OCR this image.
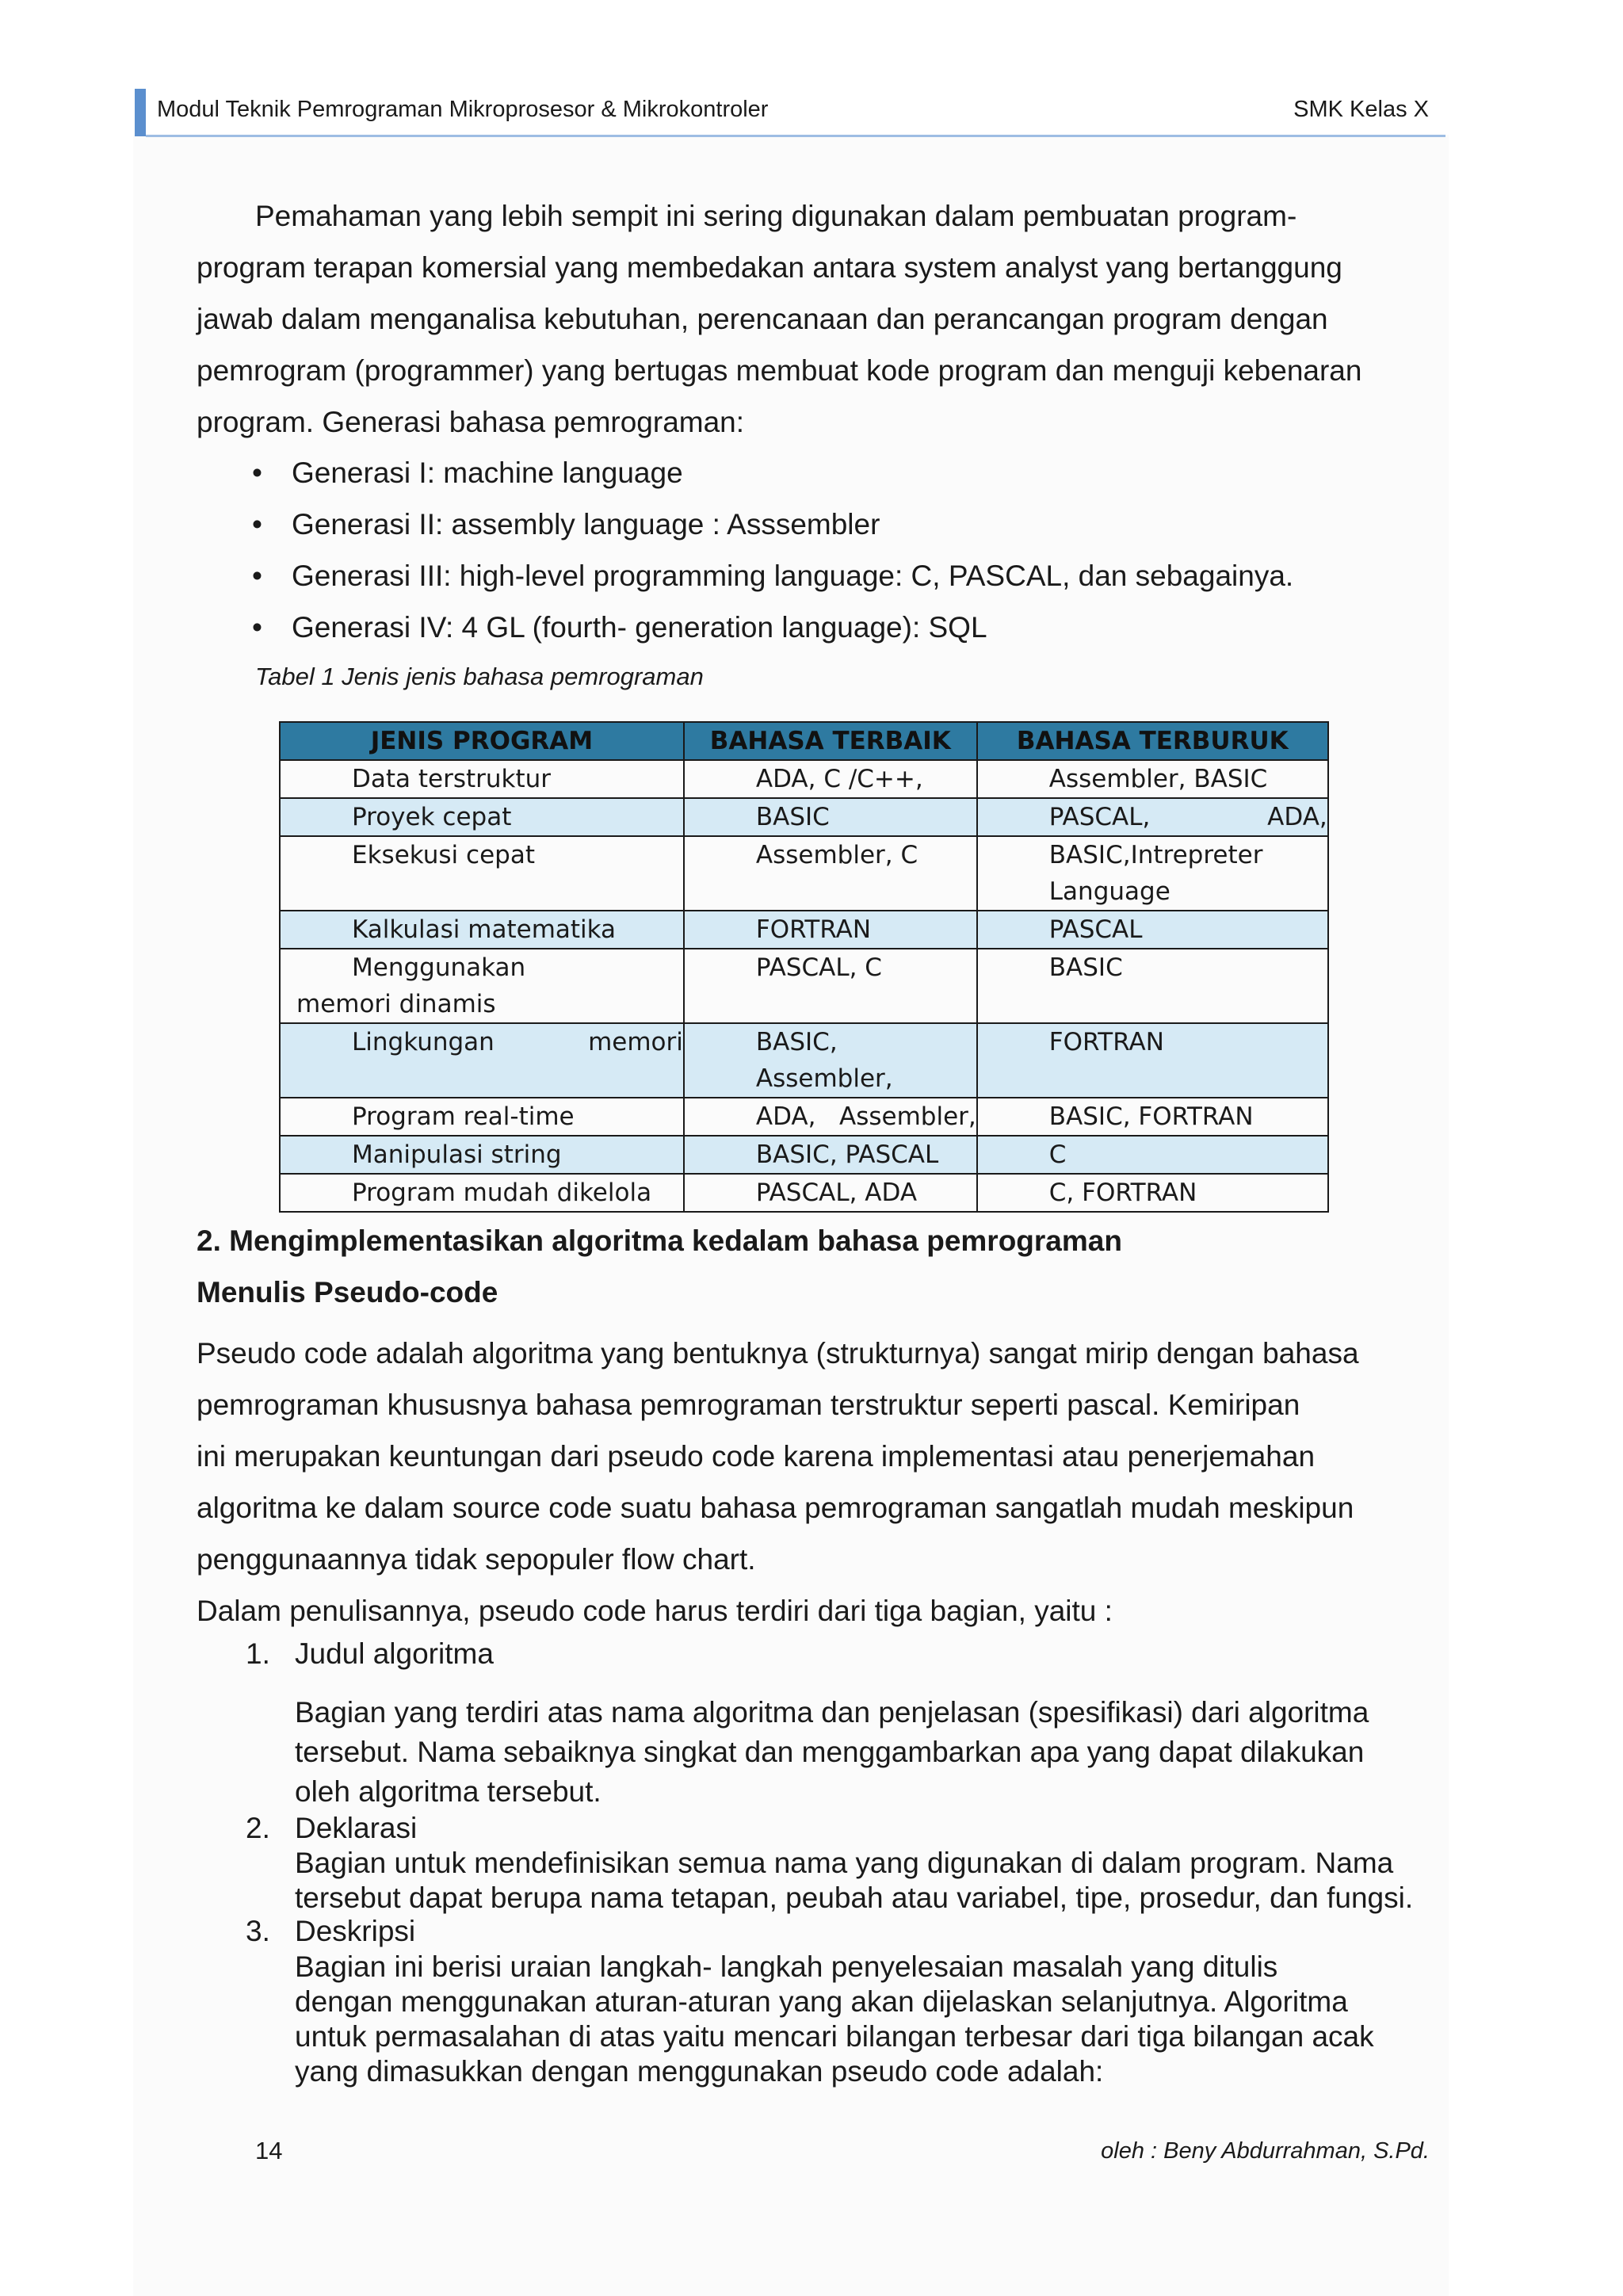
Modul Teknik Pemrograman Mikroprosesor & Mikrokontroler	SMK Kelas X
Pemahaman yang lebih sempit ini sering digunakan dalam pembuatan program-
program terapan komersial yang membedakan antara system analyst yang bertanggung
jawab dalam menganalisa kebutuhan, perencanaan dan perancangan program dengan
pemrogram (programmer) yang bertugas membuat kode program dan menguji kebenaran
program. Generasi bahasa pemrograman:
• Generasi I: machine language
• Generasi II: assembly language : Asssembler
• Generasi III: high-level programming language: C, PASCAL, dan sebagainya.
• Generasi IV: 4 GL (fourth- generation language): SQL
Tabel 1 Jenis jenis bahasa pemrograman
JENIS PROGRAM	BAHASA TERBAIK	BAHASA TERBURUK
Data terstruktur	ADA, C /C++,	Assembler, BASIC
Proyek cepat	BASIC	PASCAL,               ADA,

Eksekusi cepat	Assembler, C	BASIC,Intrepreter
Language

Kalkulasi matematika	FORTRAN	PASCAL

Menggunakan
memori dinamis	PASCAL, C	BASIC

Lingkungan            memori	BASIC, Assembler,	FORTRAN
Program real-time	ADA,   Assembler,	BASIC, FORTRAN
Manipulasi string	BASIC, PASCAL	C
Program mudah dikelola	PASCAL, ADA	C, FORTRAN
2. Mengimplementasikan algoritma kedalam bahasa pemrograman
Menulis Pseudo-code
Pseudo code adalah algoritma yang bentuknya (strukturnya) sangat mirip dengan bahasa
pemrograman khususnya bahasa pemrograman terstruktur seperti pascal. Kemiripan
ini merupakan keuntungan dari pseudo code karena implementasi atau penerjemahan
algoritma ke dalam source code suatu bahasa pemrograman sangatlah mudah meskipun
penggunaannya tidak sepopuler flow chart.
Dalam penulisannya, pseudo code harus terdiri dari tiga bagian, yaitu :
1. Judul algoritma
Bagian yang terdiri atas nama algoritma dan penjelasan (spesifikasi) dari algoritma
tersebut. Nama sebaiknya singkat dan menggambarkan apa yang dapat dilakukan
oleh algoritma tersebut.
2. Deklarasi
Bagian untuk mendefinisikan semua nama yang digunakan di dalam program. Nama
tersebut dapat berupa nama tetapan, peubah atau variabel, tipe, prosedur, dan fungsi.
3. Deskripsi
Bagian ini berisi uraian langkah- langkah penyelesaian masalah yang ditulis
dengan menggunakan aturan-aturan yang akan dijelaskan selanjutnya. Algoritma
untuk permasalahan di atas yaitu mencari bilangan terbesar dari tiga bilangan acak
yang dimasukkan dengan menggunakan pseudo code adalah:
14	oleh : Beny Abdurrahman, S.Pd.
